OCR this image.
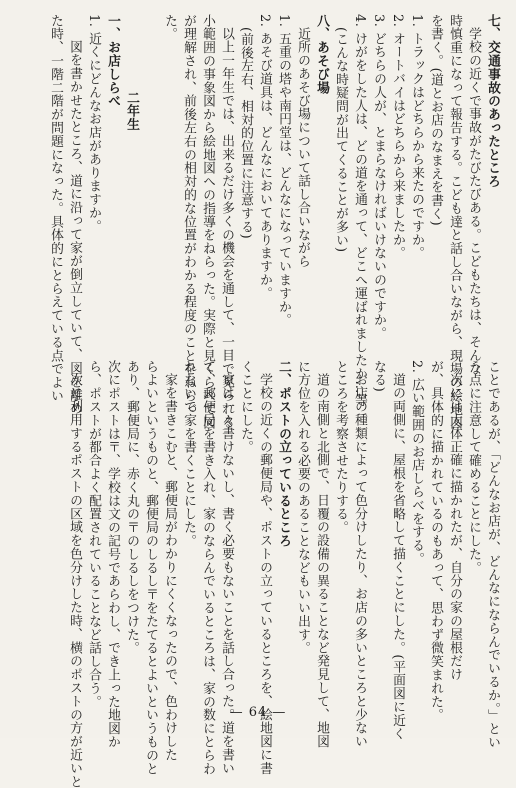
七、交通事故のあったところ
学校の近くで事故がたびたびある。こどもたちは、そんな
時慎重になって報告する。こども達と話し合いながら、現場の絵地図
を書く。(道とお店のなまえを書く)
1. トラックはどちらから来たのですか。
2. オートバイはどちらから来ましたか。
3. どちらの人が、とまらなければいけないのですか。
4. けがをした人は、どの道を通って、どこへ運ばれましたか…等
(こんな時疑問が出てくることが多い)
八、あそび場
近所のあそび場について話し合いながら
1. 五重の塔や南円堂は、どんなになっていますか。
2. あそび道具は、どんなにおいてありますか。
(前後左右、相対的位置に注意する)
以上一年生では、出来るだけ多くの機会を通して、一目で見られる
小範囲の事象図から絵地図への指導をねらった。実際と見くらべて図
が理解され、前後左右の相対的な位置がわかる程度のことをねらっ
た。
二年生
一、お店しらべ
1. 近くにどんなお店がありますか。
図を書かせたところ、道に沿って家が倒立していて、図を離め
た時、一階二階が問題になった。具体的にとらえている点でよい
ことであるが、「どんなお店が、どんなにならんでいるか。」とい
う点に注意して確めることにした。
次には大体正確に描かれたが、自分の家の屋根だけ
が、具体的に描かれているのもあって、思わず微笑まれた。
2. 広い範囲のお店しらべをする。
道の両側に、屋根を省略して描くことにした。(平面図に近く
なる)
お店の種類によって色分けしたり、お店の多いところと少ない
ところを考察させたりする。
道の南側と北側で、日覆の設備の異ることなど発見して、地図
に方位を入れる必要のあることなどもいい出す。
二、ポストの立っているところ
学校の近くの郵便局や、ポストの立っているところを、絵地図に書
くことにした。
家は一々書けないし、書く必要もないことを話し合った。道を書い
て、郵便局を書き入れ、家のならんでいるところは、家の数にとらわ
れないで家を書くことにした。
家を書きこむと、郵便局がわかりにくくなったので、色わけした
らよいというものと、郵便局のしるし〒をたてるとよいというものと
あり、郵便局に、赤く丸の〒のしるしをつけた。
次にポストは〒、学校は文の記号であらわし、でき上った地図か
ら、ポストが都合よく配置されていることなど話し合う。
次に利用するポストの区域を色分けした時、横のポストの方が近いと	— 64 —
